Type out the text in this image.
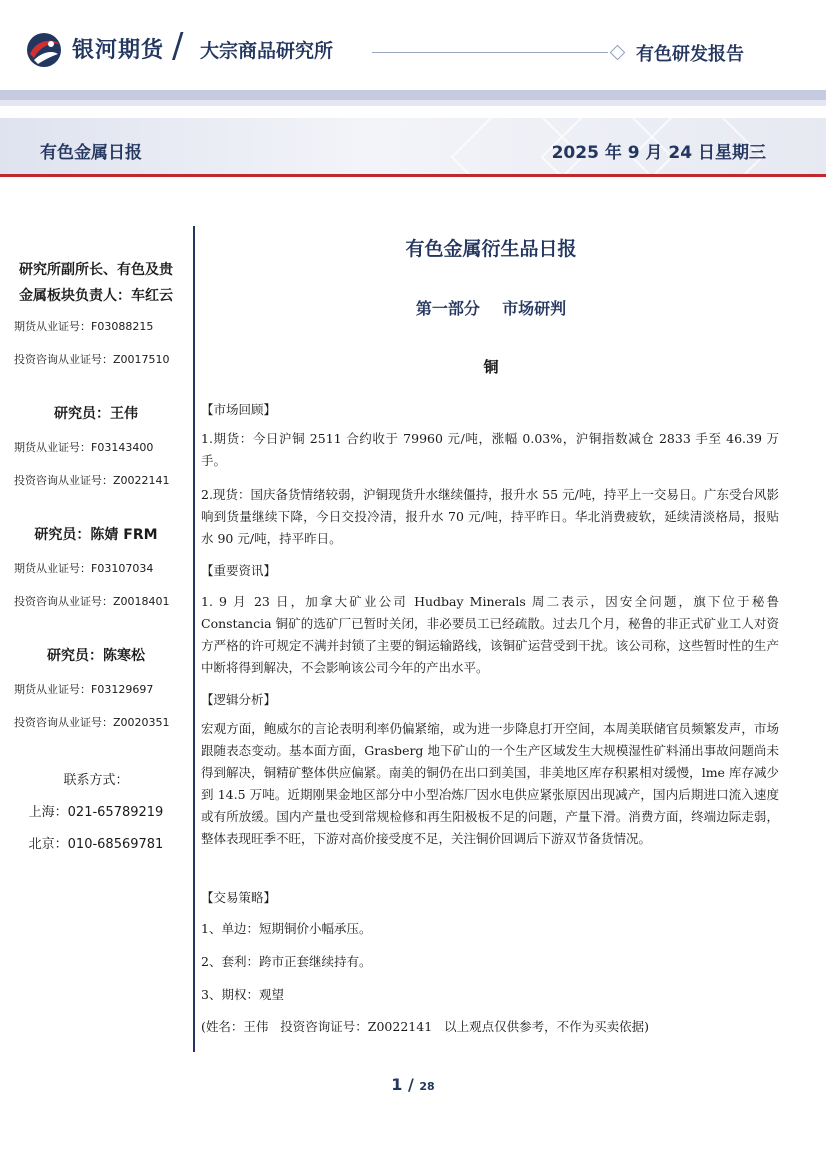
银河期货 / 大宗商品研究所	有色研发报告
有色金属日报	2025 年 9 月 24 日星期三
研究所副所长、有色及贵
金属板块负责人：车红云
期货从业证号：F03088215
投资咨询从业证号：Z0017510
研究员：王伟
期货从业证号：F03143400
投资咨询从业证号：Z0022141
研究员：陈婧 FRM
期货从业证号：F03107034
投资咨询从业证号：Z0018401
研究员：陈寒松
期货从业证号：F03129697
投资咨询从业证号：Z0020351
联系方式：
上海：021-65789219
北京：010-68569781
有色金属衍生品日报
第一部分    市场研判
铜
【市场回顾】
1.期货：今日沪铜 2511 合约收于 79960 元/吨，涨幅 0.03%，沪铜指数减仓 2833 手至 46.39 万手。
2.现货：国庆备货情绪较弱，沪铜现货升水继续僵持，报升水 55 元/吨，持平上一交易日。广东受台风影响到货量继续下降，今日交投冷清，报升水 70 元/吨，持平昨日。华北消费疲软，延续清淡格局，报贴水 90 元/吨，持平昨日。
【重要资讯】
1. 9 月 23 日，加拿大矿业公司 Hudbay Minerals 周二表示，因安全问题，旗下位于秘鲁 Constancia 铜矿的选矿厂已暂时关闭，非必要员工已经疏散。过去几个月，秘鲁的非正式矿业工人对资方严格的许可规定不满并封锁了主要的铜运输路线，该铜矿运营受到干扰。该公司称，这些暂时性的生产中断将得到解决，不会影响该公司今年的产出水平。
【逻辑分析】
宏观方面，鲍威尔的言论表明利率仍偏紧缩，或为进一步降息打开空间，本周美联储官员频繁发声，市场跟随表态变动。基本面方面，Grasberg 地下矿山的一个生产区域发生大规模湿性矿料涌出事故问题尚未得到解决，铜精矿整体供应偏紧。南美的铜仍在出口到美国，非美地区库存积累相对缓慢，lme 库存减少到 14.5 万吨。近期刚果金地区部分中小型冶炼厂因水电供应紧张原因出现减产，国内后期进口流入速度或有所放缓。国内产量也受到常规检修和再生阳极板不足的问题，产量下滑。消费方面，终端边际走弱，整体表现旺季不旺，下游对高价接受度不足，关注铜价回调后下游双节备货情况。
【交易策略】
1、单边：短期铜价小幅承压。
2、套利：跨市正套继续持有。
3、期权：观望
(姓名：王伟   投资咨询证号：Z0022141   以上观点仅供参考，不作为买卖依据)
1 / 28
